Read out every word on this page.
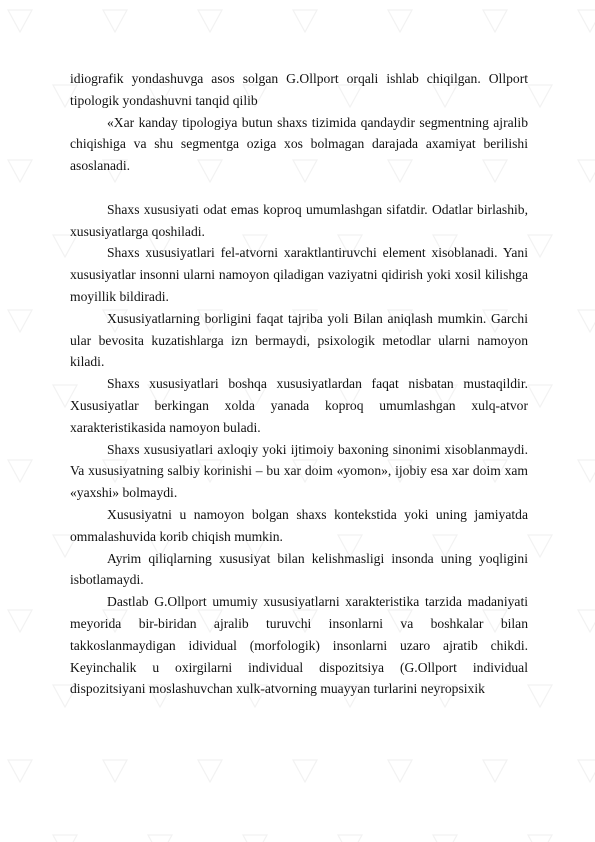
idiografik yondashuvga asos solgan G.Ollport orqali ishlab chiqilgan. Ollport tipologik yondashuvni tanqid qilib

«Xar kanday tipologiya butun shaxs tizimida qandaydir segmentning ajralib chiqishiga va shu segmentga oziga xos bolmagan darajada axamiyat berilishi asoslanadi.

Shaxs xususiyati odat emas koproq umumlashgan sifatdir. Odatlar birlashib, xususiyatlarga qoshiladi.

Shaxs xususiyatlari fel-atvorni xaraktlantiruvchi element xisoblanadi. Yani xususiyatlar insonni ularni namoyon qiladigan vaziyatni qidirish yoki xosil kilishga moyillik bildiradi.

Xususiyatlarning borligini faqat tajriba yoli Bilan aniqlash mumkin. Garchi ular bevosita kuzatishlarga izn bermaydi, psixologik metodlar ularni namoyon kiladi.

Shaxs xususiyatlari boshqa xususiyatlardan faqat nisbatan mustaqildir. Xususiyatlar berkingan xolda yanada koproq umumlashgan xulq-atvor xarakteristikasida namoyon buladi.

Shaxs xususiyatlari axloqiy yoki ijtimoiy baxoning sinonimi xisoblanmaydi. Va xususiyatning salbiy korinishi – bu xar doim «yomon», ijobiy esa xar doim xam «yaxshi» bolmaydi.

Xususiyatni u namoyon bolgan shaxs kontekstida yoki uning jamiyatda ommalashuvida korib chiqish mumkin.

Ayrim qiliqlarning xususiyat bilan kelishmasligi insonda uning yoqligini isbotlamaydi.

Dastlab G.Ollport umumiy xususiyatlarni xarakteristika tarzida madaniyati meyorida bir-biridan ajralib turuvchi insonlarni va boshkalar bilan takkoslanmaydigan idividual (morfologik) insonlarni uzaro ajratib chikdi. Keyinchalik u oxirgilarni individual dispozitsiya (G.Ollport individual dispozitsiyani moslashuvchan xulk-atvorning muayyan turlarini neyropsixik
